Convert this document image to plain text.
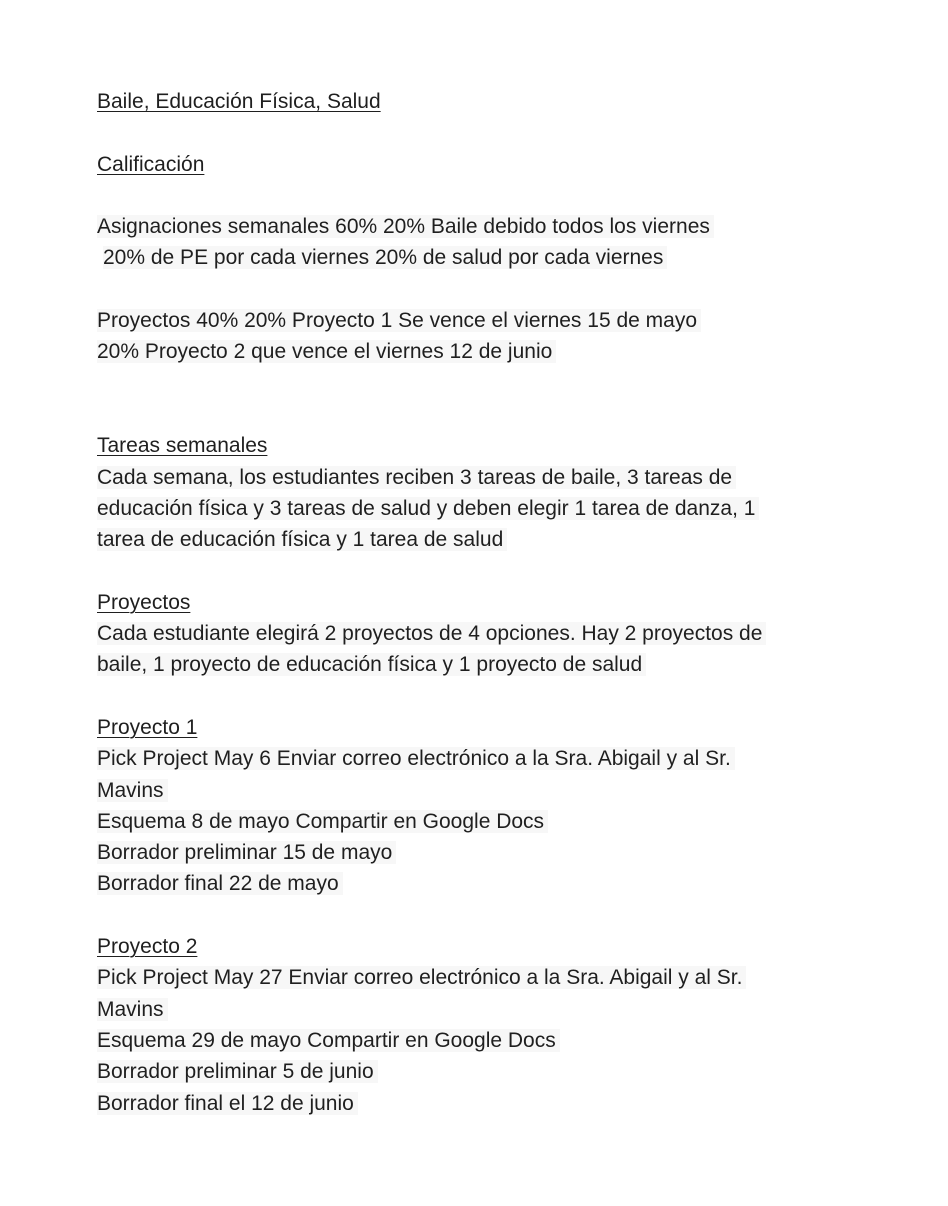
Baile, Educación Física, Salud
Calificación
Asignaciones semanales 60% 20% Baile debido todos los viernes
20% de PE por cada viernes 20% de salud por cada viernes
Proyectos 40% 20% Proyecto 1 Se vence el viernes 15 de mayo
20% Proyecto 2 que vence el viernes 12 de junio
Tareas semanales
Cada semana, los estudiantes reciben 3 tareas de baile, 3 tareas de
educación física y 3 tareas de salud y deben elegir 1 tarea de danza, 1
tarea de educación física y 1 tarea de salud
Proyectos
Cada estudiante elegirá 2 proyectos de 4 opciones. Hay 2 proyectos de
baile, 1 proyecto de educación física y 1 proyecto de salud
Proyecto 1
Pick Project May 6 Enviar correo electrónico a la Sra. Abigail y al Sr.
Mavins
Esquema 8 de mayo Compartir en Google Docs
Borrador preliminar 15 de mayo
Borrador final 22 de mayo
Proyecto 2
Pick Project May 27 Enviar correo electrónico a la Sra. Abigail y al Sr.
Mavins
Esquema 29 de mayo Compartir en Google Docs
Borrador preliminar 5 de junio
Borrador final el 12 de junio
